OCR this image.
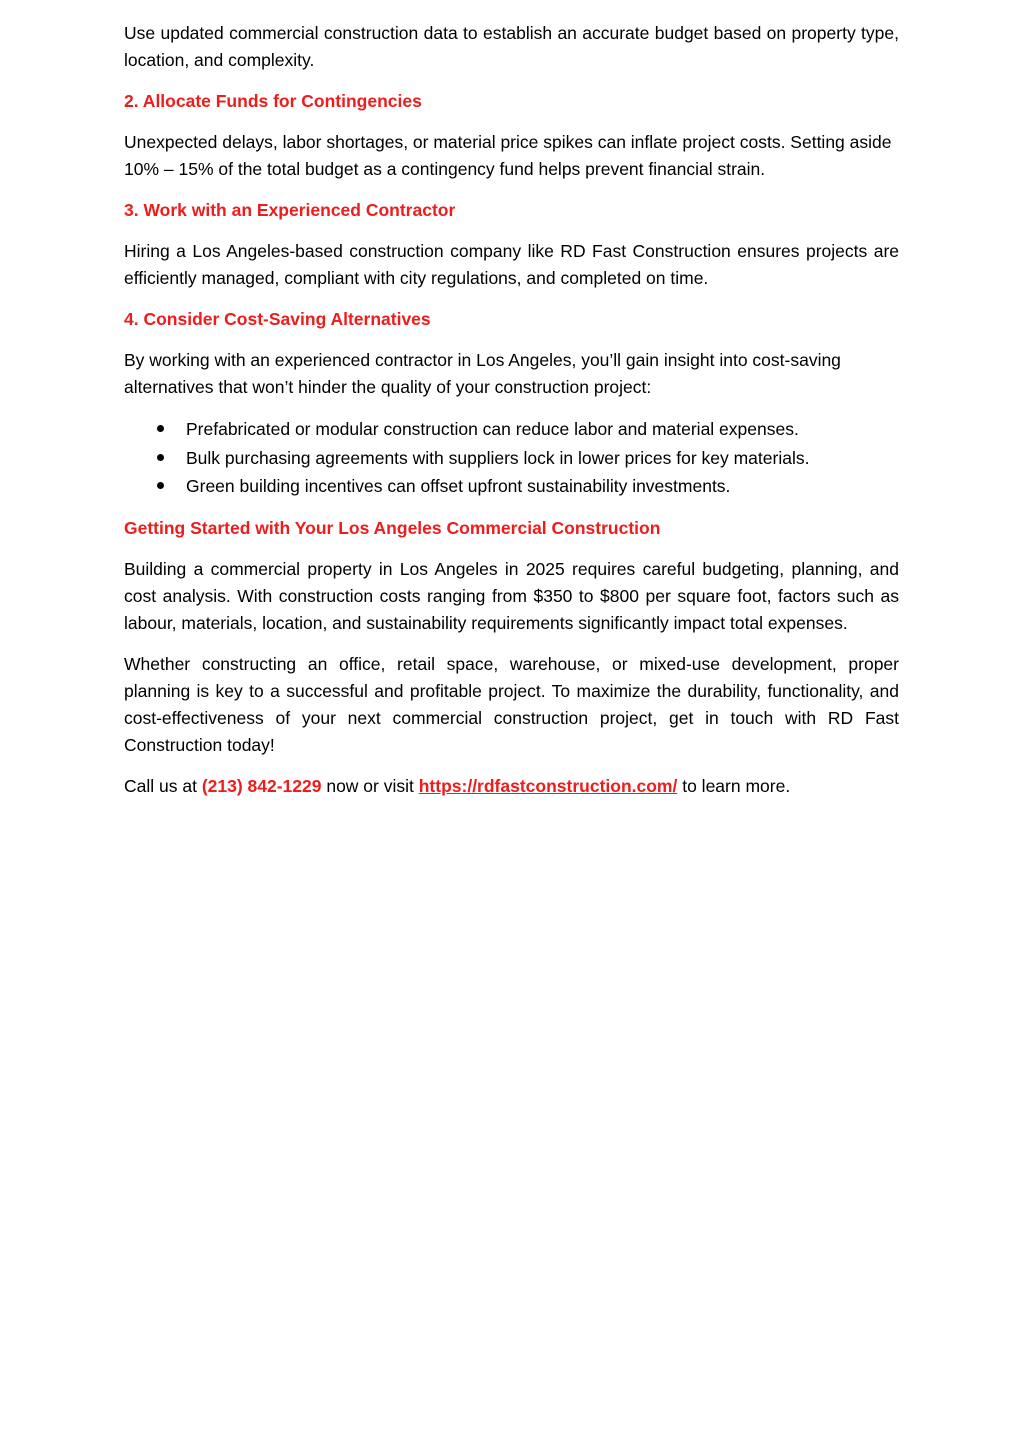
Use updated commercial construction data to establish an accurate budget based on property type, location, and complexity.

2. Allocate Funds for Contingencies

Unexpected delays, labor shortages, or material price spikes can inflate project costs. Setting aside 10% – 15% of the total budget as a contingency fund helps prevent financial strain.

3. Work with an Experienced Contractor

Hiring a Los Angeles-based construction company like RD Fast Construction ensures projects are efficiently managed, compliant with city regulations, and completed on time.

4. Consider Cost-Saving Alternatives

By working with an experienced contractor in Los Angeles, you’ll gain insight into cost-saving alternatives that won’t hinder the quality of your construction project:

Prefabricated or modular construction can reduce labor and material expenses.
Bulk purchasing agreements with suppliers lock in lower prices for key materials.
Green building incentives can offset upfront sustainability investments.
Getting Started with Your Los Angeles Commercial Construction

Building a commercial property in Los Angeles in 2025 requires careful budgeting, planning, and cost analysis. With construction costs ranging from $350 to $800 per square foot, factors such as labour, materials, location, and sustainability requirements significantly impact total expenses.

Whether constructing an office, retail space, warehouse, or mixed-use development, proper planning is key to a successful and profitable project. To maximize the durability, functionality, and cost-effectiveness of your next commercial construction project, get in touch with RD Fast Construction today!

Call us at (213) 842-1229 now or visit https://rdfastconstruction.com/ to learn more.
